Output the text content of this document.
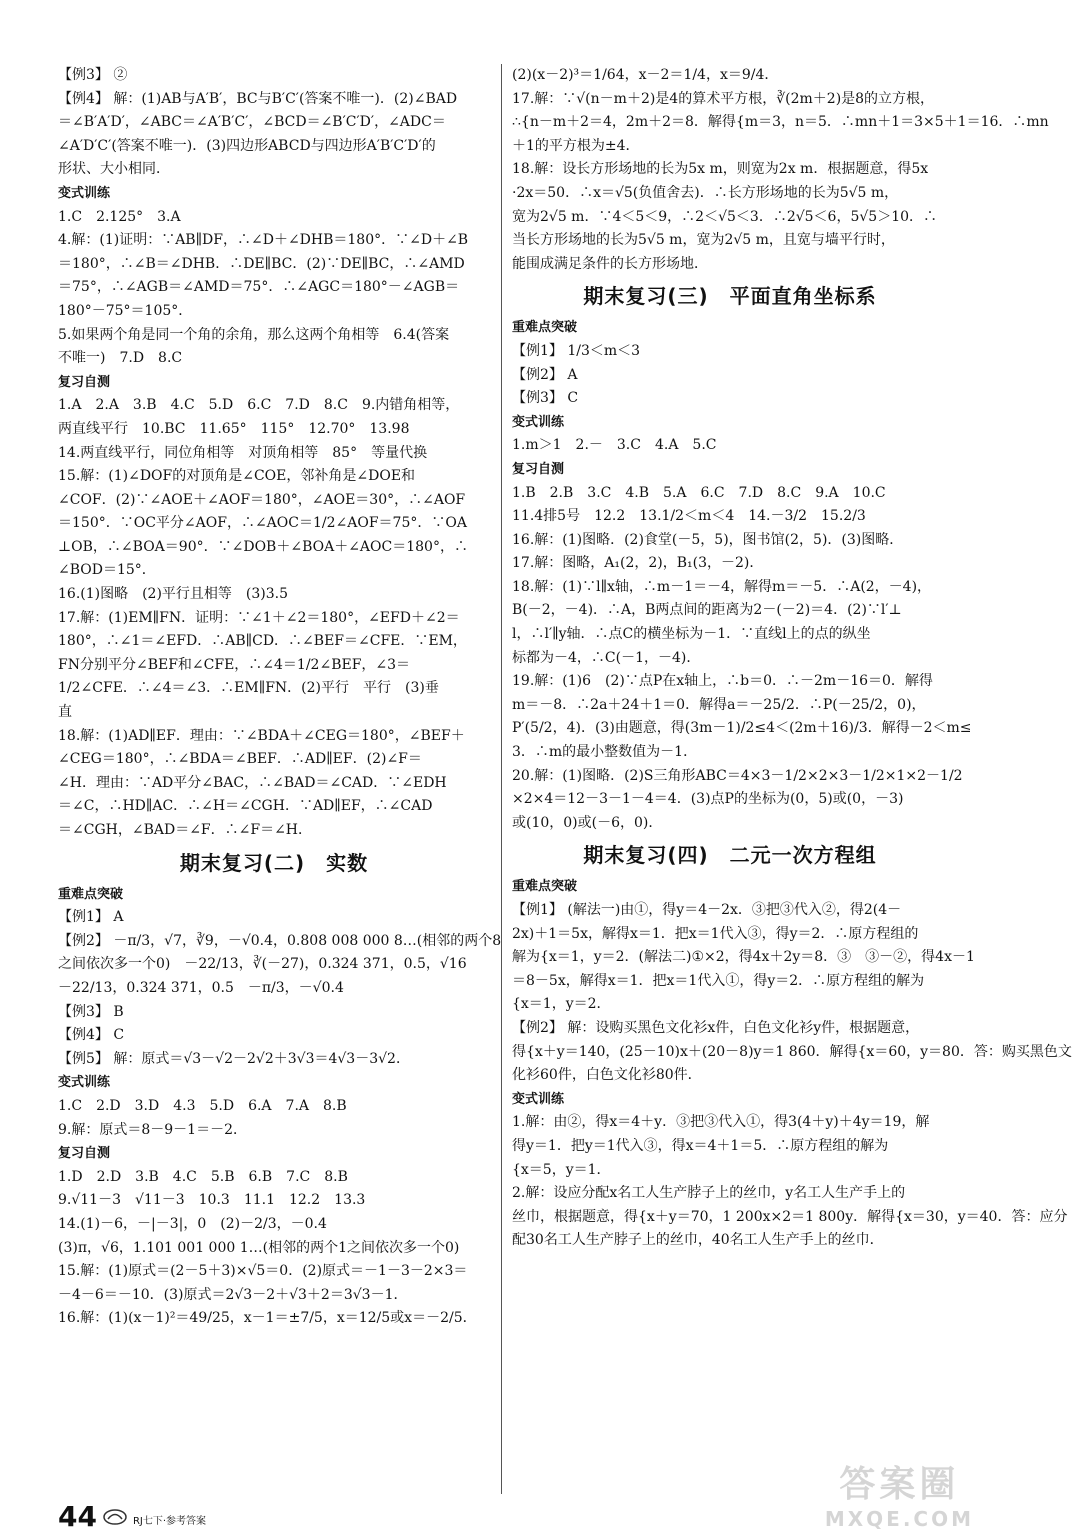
【例3】 ②
【例4】 解：(1)AB与A′B′，BC与B′C′(答案不唯一)．(2)∠BAD
＝∠B′A′D′，∠ABC＝∠A′B′C′，∠BCD＝∠B′C′D′，∠ADC＝
∠A′D′C′(答案不唯一)．(3)四边形ABCD与四边形A′B′C′D′的
形状、大小相同．
变式训练
1.C　2.125°　3.A
4.解：(1)证明：∵AB∥DF，∴∠D＋∠DHB＝180°．∵∠D＋∠B
＝180°，∴∠B＝∠DHB．∴DE∥BC．(2)∵DE∥BC，∴∠AMD
＝75°，∴∠AGB＝∠AMD＝75°．∴∠AGC＝180°－∠AGB＝
180°－75°＝105°．
5.如果两个角是同一个角的余角，那么这两个角相等　6.4(答案
不唯一)　7.D　8.C
复习自测
1.A　2.A　3.B　4.C　5.D　6.C　7.D　8.C　9.内错角相等，
两直线平行　10.BC　11.65°　115°　12.70°　13.98
14.两直线平行，同位角相等　对顶角相等　85°　等量代换
15.解：(1)∠DOF的对顶角是∠COE，邻补角是∠DOE和
∠COF．(2)∵∠AOE＋∠AOF＝180°，∠AOE＝30°，∴∠AOF
＝150°．∵OC平分∠AOF，∴∠AOC＝1/2∠AOF＝75°．∵OA
⊥OB，∴∠BOA＝90°．∵∠DOB＋∠BOA＋∠AOC＝180°，∴
∠BOD＝15°．
16.(1)图略　(2)平行且相等　(3)3.5
17.解：(1)EM∥FN．证明：∵∠1＋∠2＝180°，∠EFD＋∠2＝
180°，∴∠1＝∠EFD．∴AB∥CD．∴∠BEF＝∠CFE．∵EM，
FN分别平分∠BEF和∠CFE，∴∠4＝1/2∠BEF，∠3＝
1/2∠CFE．∴∠4＝∠3．∴EM∥FN．(2)平行　平行　(3)垂
直
18.解：(1)AD∥EF．理由：∵∠BDA＋∠CEG＝180°，∠BEF＋
∠CEG＝180°，∴∠BDA＝∠BEF．∴AD∥EF．(2)∠F＝
∠H．理由：∵AD平分∠BAC，∴∠BAD＝∠CAD．∵∠EDH
＝∠C，∴HD∥AC．∴∠H＝∠CGH．∵AD∥EF，∴∠CAD
＝∠CGH，∠BAD＝∠F．∴∠F＝∠H．
期末复习(二)　实数
重难点突破
【例1】 A
【例2】 －π/3，√7，∛9，－√0.4，0.808 008 000 8…(相邻的两个8
之间依次多一个0)　－22/13，∛(－27)，0.324 371，0.5，√16
－22/13，0.324 371，0.5　－π/3，－√0.4
【例3】 B
【例4】 C
【例5】 解：原式＝√3－√2－2√2＋3√3＝4√3－3√2．
变式训练
1.C　2.D　3.D　4.3　5.D　6.A　7.A　8.B
9.解：原式＝8－9－1＝－2．
复习自测
1.D　2.D　3.B　4.C　5.B　6.B　7.C　8.B
9.√11－3　√11－3　10.3　11.1　12.2　13.3
14.(1)－6，－|－3|，0　(2)－2/3，－0.4
(3)π，√6，1.101 001 000 1…(相邻的两个1之间依次多一个0)
15.解：(1)原式＝(2－5＋3)×√5＝0．(2)原式＝－1－3－2×3＝
－4－6＝－10．(3)原式＝2√3－2＋√3＋2＝3√3－1．
16.解：(1)(x－1)²＝49/25，x－1＝±7/5，x＝12/5或x＝－2/5．
(2)(x－2)³＝1/64，x－2＝1/4，x＝9/4．
17.解：∵√(n－m＋2)是4的算术平方根，∛(2m＋2)是8的立方根，
∴{n－m＋2＝4，2m＋2＝8．解得{m＝3，n＝5．∴mn＋1＝3×5＋1＝16．∴mn
＋1的平方根为±4．
18.解：设长方形场地的长为5x m，则宽为2x m．根据题意，得5x
·2x＝50．∴x＝√5(负值舍去)．∴长方形场地的长为5√5 m，
宽为2√5 m．∵4＜5＜9，∴2＜√5＜3．∴2√5＜6，5√5＞10．∴
当长方形场地的长为5√5 m，宽为2√5 m，且宽与墙平行时，
能围成满足条件的长方形场地．
期末复习(三)　平面直角坐标系
重难点突破
【例1】 1/3＜m＜3
【例2】 A
【例3】 C
变式训练
1.m＞1　2.－　3.C　4.A　5.C
复习自测
1.B　2.B　3.C　4.B　5.A　6.C　7.D　8.C　9.A　10.C
11.4排5号　12.2　13.1/2＜m＜4　14.－3/2　15.2/3
16.解：(1)图略．(2)食堂(－5，5)，图书馆(2，5)．(3)图略．
17.解：图略，A₁(2，2)，B₁(3，－2)．
18.解：(1)∵l∥x轴，∴m－1＝－4，解得m＝－5．∴A(2，－4)，
B(－2，－4)．∴A，B两点间的距离为2－(－2)＝4．(2)∵l′⊥
l，∴l′∥y轴．∴点C的横坐标为－1．∵直线l上的点的纵坐
标都为－4，∴C(－1，－4)．
19.解：(1)6　(2)∵点P在x轴上，∴b＝0．∴－2m－16＝0．解得
m＝－8．∴2a＋24＋1＝0．解得a＝－25/2．∴P(－25/2，0)，
P′(5/2，4)．(3)由题意，得(3m－1)/2≤4＜(2m＋16)/3．解得－2＜m≤
3．∴m的最小整数值为－1．
20.解：(1)图略．(2)S三角形ABC＝4×3－1/2×2×3－1/2×1×2－1/2
×2×4＝12－3－1－4＝4．(3)点P的坐标为(0，5)或(0，－3)
或(10，0)或(－6，0)．
期末复习(四)　二元一次方程组
重难点突破
【例1】 (解法一)由①，得y＝4－2x．③把③代入②，得2(4－
2x)＋1＝5x，解得x＝1．把x＝1代入③，得y＝2．∴原方程组的
解为{x＝1，y＝2．(解法二)①×2，得4x＋2y＝8．③　③－②，得4x－1
＝8－5x，解得x＝1．把x＝1代入①，得y＝2．∴原方程组的解为
{x＝1，y＝2．
【例2】 解：设购买黑色文化衫x件，白色文化衫y件，根据题意，
得{x＋y＝140，(25－10)x＋(20－8)y＝1 860．解得{x＝60，y＝80．答：购买黑色文
化衫60件，白色文化衫80件．
变式训练
1.解：由②，得x＝4＋y．③把③代入①，得3(4＋y)＋4y＝19，解
得y＝1．把y＝1代入③，得x＝4＋1＝5．∴原方程组的解为
{x＝5，y＝1．
2.解：设应分配x名工人生产脖子上的丝巾，y名工人生产手上的
丝巾，根据题意，得{x＋y＝70，1 200x×2＝1 800y．解得{x＝30，y＝40．答：应分
配30名工人生产脖子上的丝巾，40名工人生产手上的丝巾．
44	RJ七下·参考答案
答案圈
MXQE.COM
